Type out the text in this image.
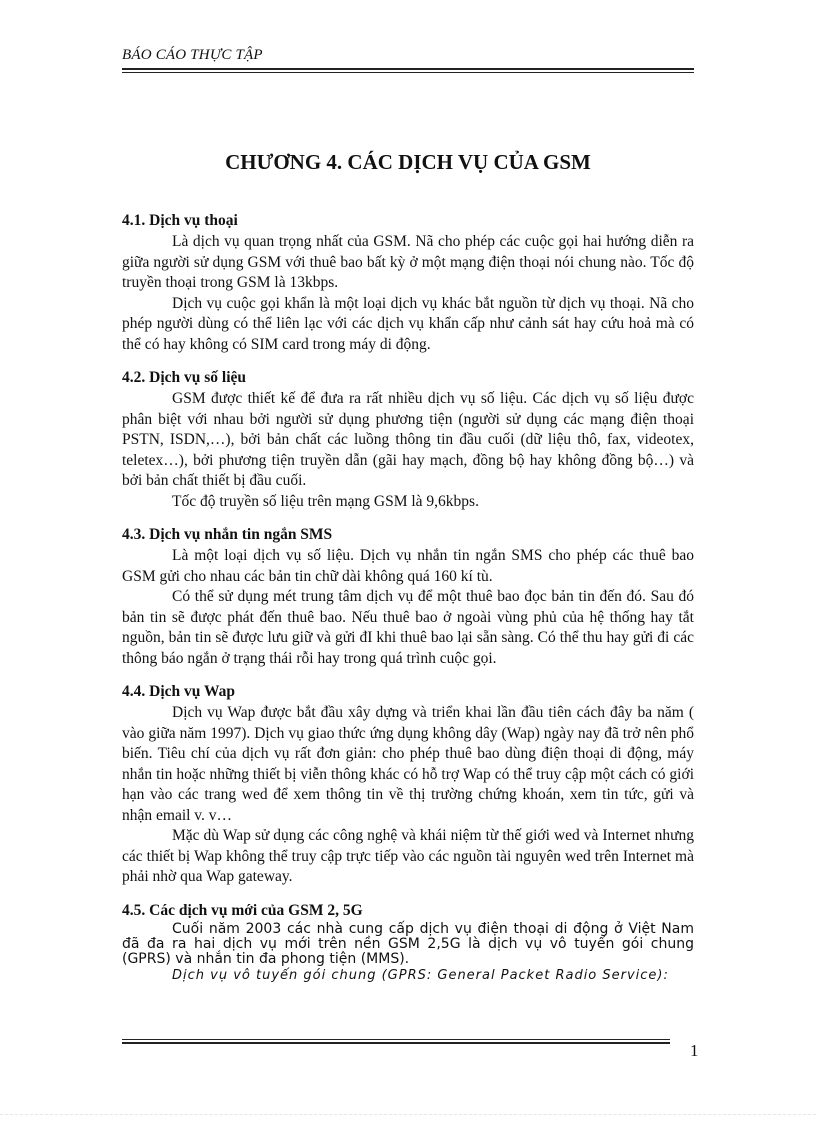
BÁO CÁO THỰC TẬP
CHƯƠNG 4. CÁC DỊCH VỤ CỦA GSM
4.1. Dịch vụ thoại

Là dịch vụ quan trọng nhất của GSM. Nã cho phép các cuộc gọi hai hướng diễn ra giữa người sử dụng GSM với thuê bao bất kỳ ở một mạng điện thoại nói chung nào. Tốc độ truyền thoại trong GSM là 13kbps.

Dịch vụ cuộc gọi khẩn là một loại dịch vụ khác bắt nguồn từ dịch vụ thoại. Nã cho phép người dùng có thể liên lạc với các dịch vụ khẩn cấp như cảnh sát hay cứu hoả mà có thể có hay không có SIM card trong máy di động.

4.2. Dịch vụ số liệu

GSM được thiết kế để đưa ra rất nhiều dịch vụ số liệu. Các dịch vụ số liệu được phân biệt với nhau bởi người sử dụng phương tiện (người sử dụng các mạng điện thoại PSTN, ISDN,…), bởi bản chất các luồng thông tin đầu cuối (dữ liệu thô, fax, videotex, teletex…), bởi phương tiện truyền dẫn (gãi hay mạch, đồng bộ hay không đồng bộ…) và bởi bản chất thiết bị đầu cuối.

Tốc độ truyền số liệu trên mạng GSM là 9,6kbps.

4.3. Dịch vụ nhắn tin ngắn SMS

Là một loại dịch vụ số liệu. Dịch vụ nhắn tin ngắn SMS cho phép các thuê bao GSM gửi cho nhau các bản tin chữ dài không quá 160 kí tù.

Có thể sử dụng mét trung tâm dịch vụ để một thuê bao đọc bản tin đến đó. Sau đó bản tin sẽ được phát đến thuê bao. Nếu thuê bao ở ngoài vùng phủ của hệ thống hay tắt nguồn, bản tin sẽ được lưu giữ và gửi đI khi thuê bao lại sẵn sàng. Có thể thu hay gửi đi các thông báo ngắn ở trạng thái rỗi hay trong quá trình cuộc gọi.

4.4. Dịch vụ Wap

Dịch vụ Wap được bắt đầu xây dựng và triển khai lần đầu tiên cách đây ba năm ( vào giữa năm 1997). Dịch vụ giao thức ứng dụng không dây (Wap) ngày nay đã trở nên phổ biến. Tiêu chí của dịch vụ rất đơn giản: cho phép thuê bao dùng điện thoại di động, máy nhắn tin hoặc những thiết bị viễn thông khác có hỗ trợ Wap có thể truy cập một cách có giới hạn vào các trang wed để xem thông tin về thị trường chứng khoán, xem tin tức, gửi và nhận email v. v…

Mặc dù Wap sử dụng các công nghệ và khái niệm từ thế giới wed và Internet nhưng các thiết bị Wap không thể truy cập trực tiếp vào các nguồn tài nguyên wed trên Internet mà phải nhờ qua Wap gateway.

4.5. Các dịch vụ mới của GSM 2, 5G

Cuối năm 2003 các nhà cung cấp dịch vụ điện thoại di động ở Việt Nam đã đa ra hai dịch vụ mới trên nền GSM 2,5G là dịch vụ vô tuyến gói chung (GPRS) và nhắn tin đa phong tiện (MMS).

Dịch vụ vô tuyến gói chung (GPRS: General Packet Radio Service):

1
